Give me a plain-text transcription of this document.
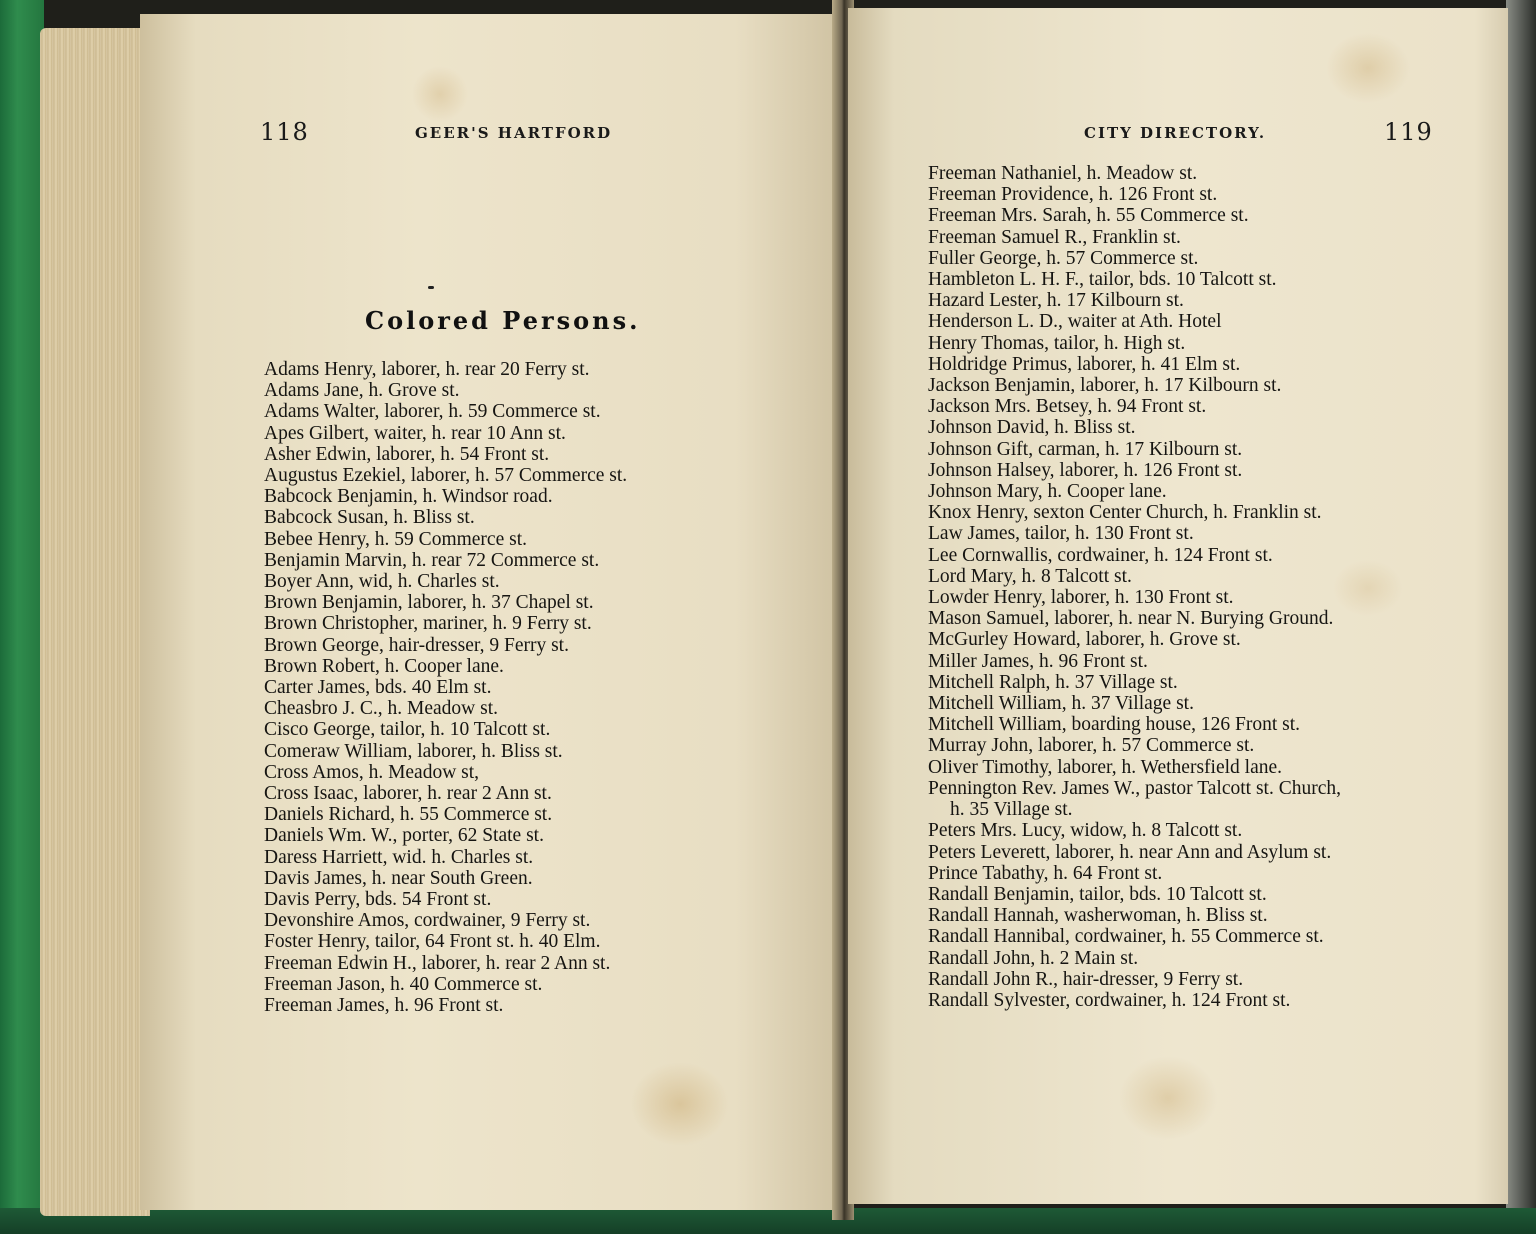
118	GEER'S HARTFORD
Colored Persons.
Adams Henry, laborer, h. rear 20 Ferry st.
Adams Jane, h. Grove st.
Adams Walter, laborer, h. 59 Commerce st.
Apes Gilbert, waiter, h. rear 10 Ann st.
Asher Edwin, laborer, h. 54 Front st.
Augustus Ezekiel, laborer, h. 57 Commerce st.
Babcock Benjamin, h. Windsor road.
Babcock Susan, h. Bliss st.
Bebee Henry, h. 59 Commerce st.
Benjamin Marvin, h. rear 72 Commerce st.
Boyer Ann, wid, h. Charles st.
Brown Benjamin, laborer, h. 37 Chapel st.
Brown Christopher, mariner, h. 9 Ferry st.
Brown George, hair-dresser, 9 Ferry st.
Brown Robert, h. Cooper lane.
Carter James, bds. 40 Elm st.
Cheasbro J. C., h. Meadow st.
Cisco George, tailor, h. 10 Talcott st.
Comeraw William, laborer, h. Bliss st.
Cross Amos, h. Meadow st,
Cross Isaac, laborer, h. rear 2 Ann st.
Daniels Richard, h. 55 Commerce st.
Daniels Wm. W., porter, 62 State st.
Daress Harriett, wid. h. Charles st.
Davis James, h. near South Green.
Davis Perry, bds. 54 Front st.
Devonshire Amos, cordwainer, 9 Ferry st.
Foster Henry, tailor, 64 Front st. h. 40 Elm.
Freeman Edwin H., laborer, h. rear 2 Ann st.
Freeman Jason, h. 40 Commerce st.
Freeman James, h. 96 Front st.
CITY DIRECTORY.	119
Freeman Nathaniel, h. Meadow st.
Freeman Providence, h. 126 Front st.
Freeman Mrs. Sarah, h. 55 Commerce st.
Freeman Samuel R., Franklin st.
Fuller George, h. 57 Commerce st.
Hambleton L. H. F., tailor, bds. 10 Talcott st.
Hazard Lester, h. 17 Kilbourn st.
Henderson L. D., waiter at Ath. Hotel
Henry Thomas, tailor, h. High st.
Holdridge Primus, laborer, h. 41 Elm st.
Jackson Benjamin, laborer, h. 17 Kilbourn st.
Jackson Mrs. Betsey, h. 94 Front st.
Johnson David, h. Bliss st.
Johnson Gift, carman, h. 17 Kilbourn st.
Johnson Halsey, laborer, h. 126 Front st.
Johnson Mary, h. Cooper lane.
Knox Henry, sexton Center Church, h. Franklin st.
Law James, tailor, h. 130 Front st.
Lee Cornwallis, cordwainer, h. 124 Front st.
Lord Mary, h. 8 Talcott st.
Lowder Henry, laborer, h. 130 Front st.
Mason Samuel, laborer, h. near N. Burying Ground.
McGurley Howard, laborer, h. Grove st.
Miller James, h. 96 Front st.
Mitchell Ralph, h. 37 Village st.
Mitchell William, h. 37 Village st.
Mitchell William, boarding house, 126 Front st.
Murray John, laborer, h. 57 Commerce st.
Oliver Timothy, laborer, h. Wethersfield lane.
Pennington Rev. James W., pastor Talcott st. Church,
h. 35 Village st.
Peters Mrs. Lucy, widow, h. 8 Talcott st.
Peters Leverett, laborer, h. near Ann and Asylum st.
Prince Tabathy, h. 64 Front st.
Randall Benjamin, tailor, bds. 10 Talcott st.
Randall Hannah, washerwoman, h. Bliss st.
Randall Hannibal, cordwainer, h. 55 Commerce st.
Randall John, h. 2 Main st.
Randall John R., hair-dresser, 9 Ferry st.
Randall Sylvester, cordwainer, h. 124 Front st.
